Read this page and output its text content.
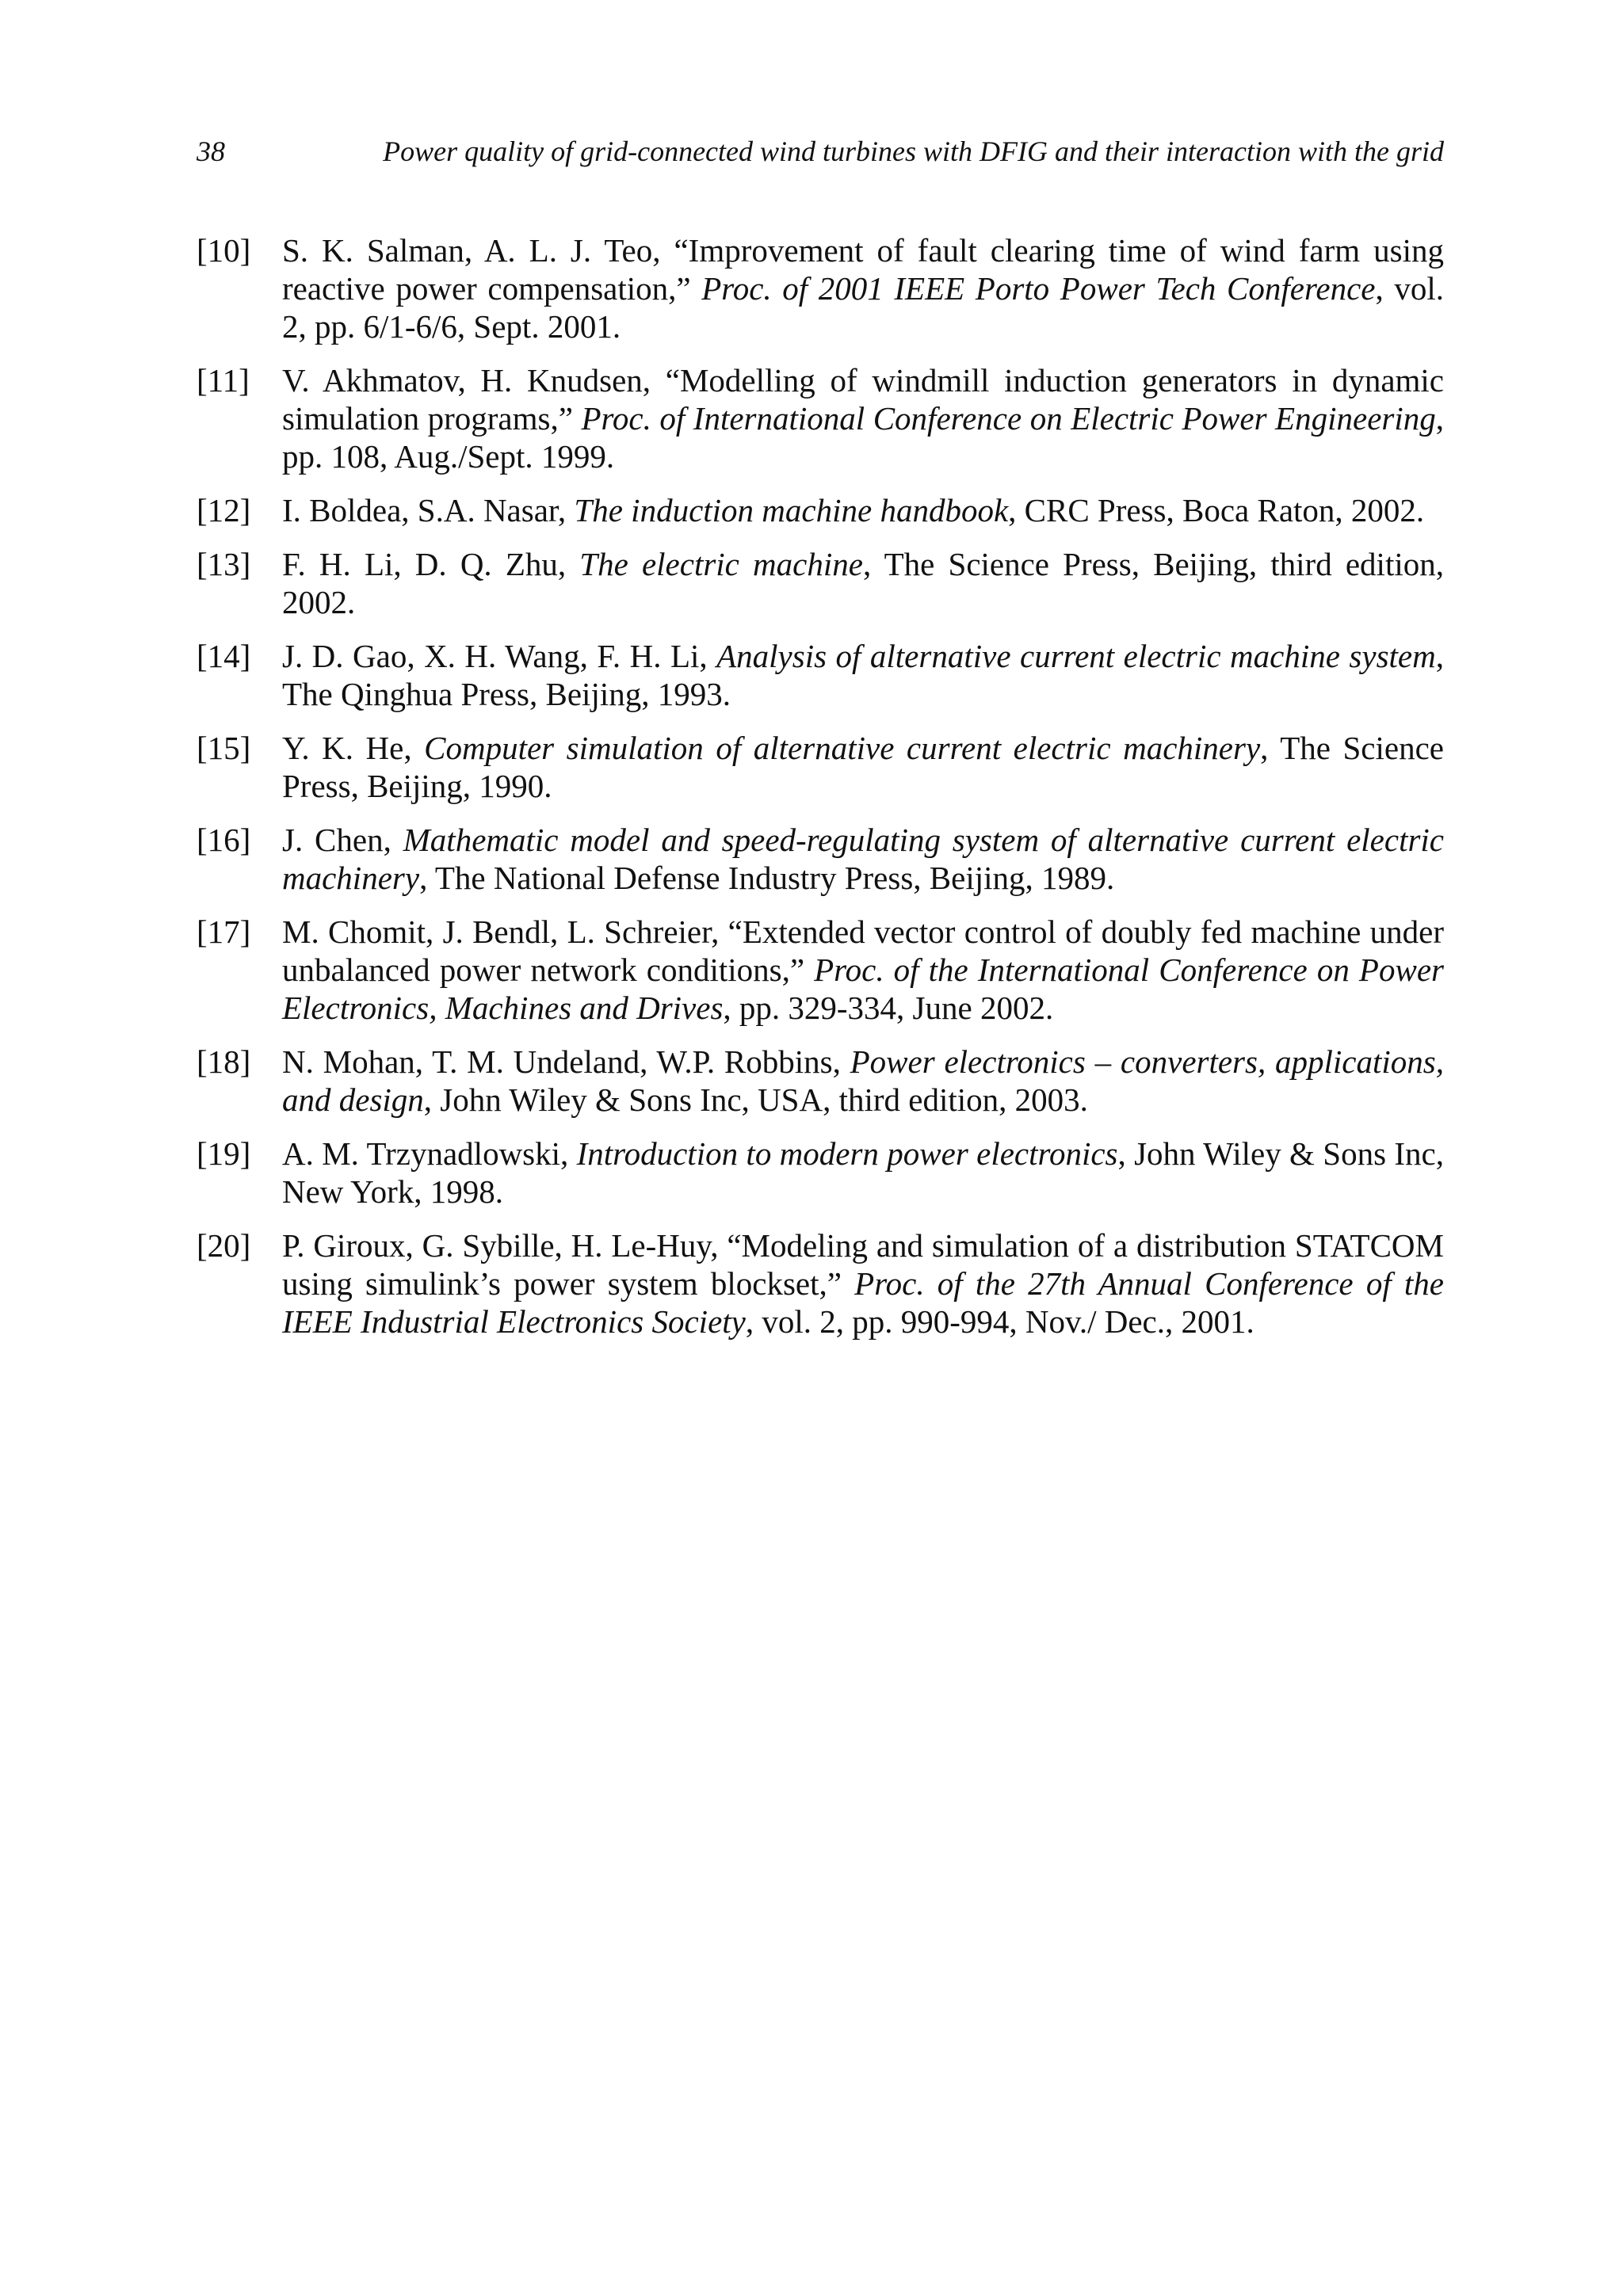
38	Power quality of grid-connected wind turbines with DFIG and their interaction with the grid
[10] S. K. Salman, A. L. J. Teo, “Improvement of fault clearing time of wind farm using reactive power compensation,” Proc. of 2001 IEEE Porto Power Tech Conference, vol. 2, pp. 6/1-6/6, Sept. 2001.
[11] V. Akhmatov, H. Knudsen, “Modelling of windmill induction generators in dynamic simulation programs,” Proc. of International Conference on Electric Power Engineering, pp. 108, Aug./Sept. 1999.
[12] I. Boldea, S.A. Nasar, The induction machine handbook, CRC Press, Boca Raton, 2002.
[13] F. H. Li, D. Q. Zhu, The electric machine, The Science Press, Beijing, third edition, 2002.
[14] J. D. Gao, X. H. Wang, F. H. Li, Analysis of alternative current electric machine system, The Qinghua Press, Beijing, 1993.
[15] Y. K. He, Computer simulation of alternative current electric machinery, The Science Press, Beijing, 1990.
[16] J. Chen, Mathematic model and speed-regulating system of alternative current electric machinery, The National Defense Industry Press, Beijing, 1989.
[17] M. Chomit, J. Bendl, L. Schreier, “Extended vector control of doubly fed machine under unbalanced power network conditions,” Proc. of the International Conference on Power Electronics, Machines and Drives, pp. 329-334, June 2002.
[18] N. Mohan, T. M. Undeland, W.P. Robbins, Power electronics – converters, applications, and design, John Wiley & Sons Inc, USA, third edition, 2003.
[19] A. M. Trzynadlowski, Introduction to modern power electronics, John Wiley & Sons Inc, New York, 1998.
[20] P. Giroux, G. Sybille, H. Le-Huy, “Modeling and simulation of a distribution STATCOM using simulink’s power system blockset,” Proc. of the 27th Annual Conference of the IEEE Industrial Electronics Society, vol. 2, pp. 990-994, Nov./ Dec., 2001.
